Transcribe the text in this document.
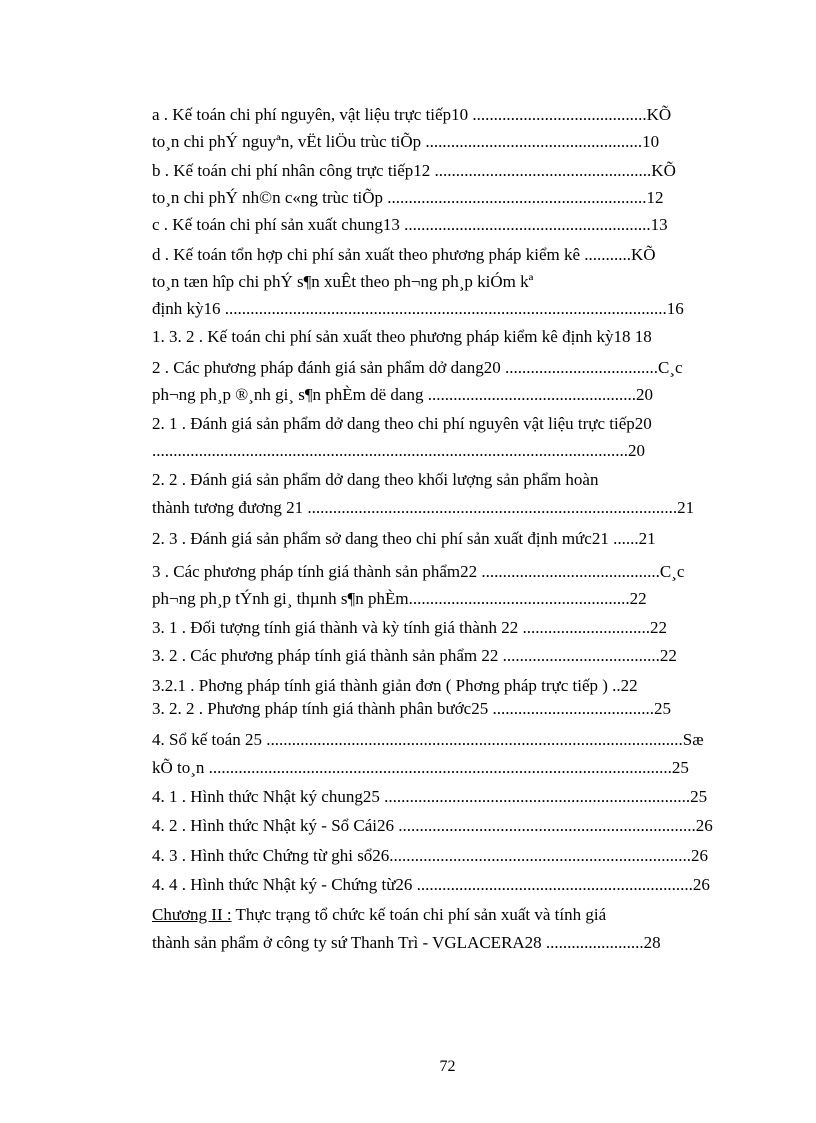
a . Kế toán chi phí nguyên, vật liệu trực tiếp10 .........................................KÕ
to¸n chi phÝ nguyªn, vËt liÖu trùc tiÕp ...................................................10
b . Kế toán chi phí nhân công trực tiếp12 ...................................................KÕ
to¸n chi phÝ nh©n c«ng trùc tiÕp .............................................................12
c . Kế toán chi phí sản xuất chung13 ..........................................................13
d . Kế toán tổn hợp chi phí sản xuất theo phương pháp kiểm kê ...........KÕ
to¸n tæn hîp chi phÝ s¶n xuÊt theo ph¬ng ph¸p kiÓm kª
định kỳ16 ........................................................................................................16
1. 3. 2 . Kế toán chi phí sản xuất theo phương pháp kiểm kê định kỳ18 18
2 . Các phương pháp đánh giá sản phẩm dở dang20 ....................................C¸c
ph¬ng ph¸p ®¸nh gi¸ s¶n phÈm dë dang .................................................20
2. 1 . Đánh giá sản phẩm dở dang theo chi phí nguyên vật liệu trực tiếp20
................................................................................................................20
2. 2 . Đánh giá sản phẩm dở dang theo khối lượng sản phẩm hoàn
thành tương đương 21 .......................................................................................21
2. 3 . Đánh giá sản phẩm sở dang theo chi phí sản xuất định mức21 ......21
3 . Các phương pháp tính giá thành sản phẩm22 ..........................................C¸c
ph¬ng ph¸p tÝnh gi¸ thµnh s¶n phÈm....................................................22
3. 1 . Đối tượng tính giá thành và kỳ tính giá thành 22 ..............................22
3. 2 . Các phương pháp tính giá thành sản phẩm 22 .....................................22
3.2.1 . Phơng pháp tính giá thành giản đơn ( Phơng pháp trực tiếp ) ..22
3. 2. 2 . Phương pháp tính giá thành phân bước25 ......................................25
4. Sổ kế toán 25 ..................................................................................................Sæ
kÕ to¸n .............................................................................................................25
4. 1 . Hình thức Nhật ký chung25 ........................................................................25
4. 2 . Hình thức Nhật ký - Sổ Cái26 ......................................................................26
4. 3 . Hình thức Chứng từ ghi sổ26.......................................................................26
4. 4 . Hình thức Nhật ký - Chứng từ26 .................................................................26
Chương II : Thực trạng tổ chức kế toán chi phí sản xuất và tính giá
thành sản phẩm ở công ty sứ Thanh Trì - VGLACERA28 .......................28
72
